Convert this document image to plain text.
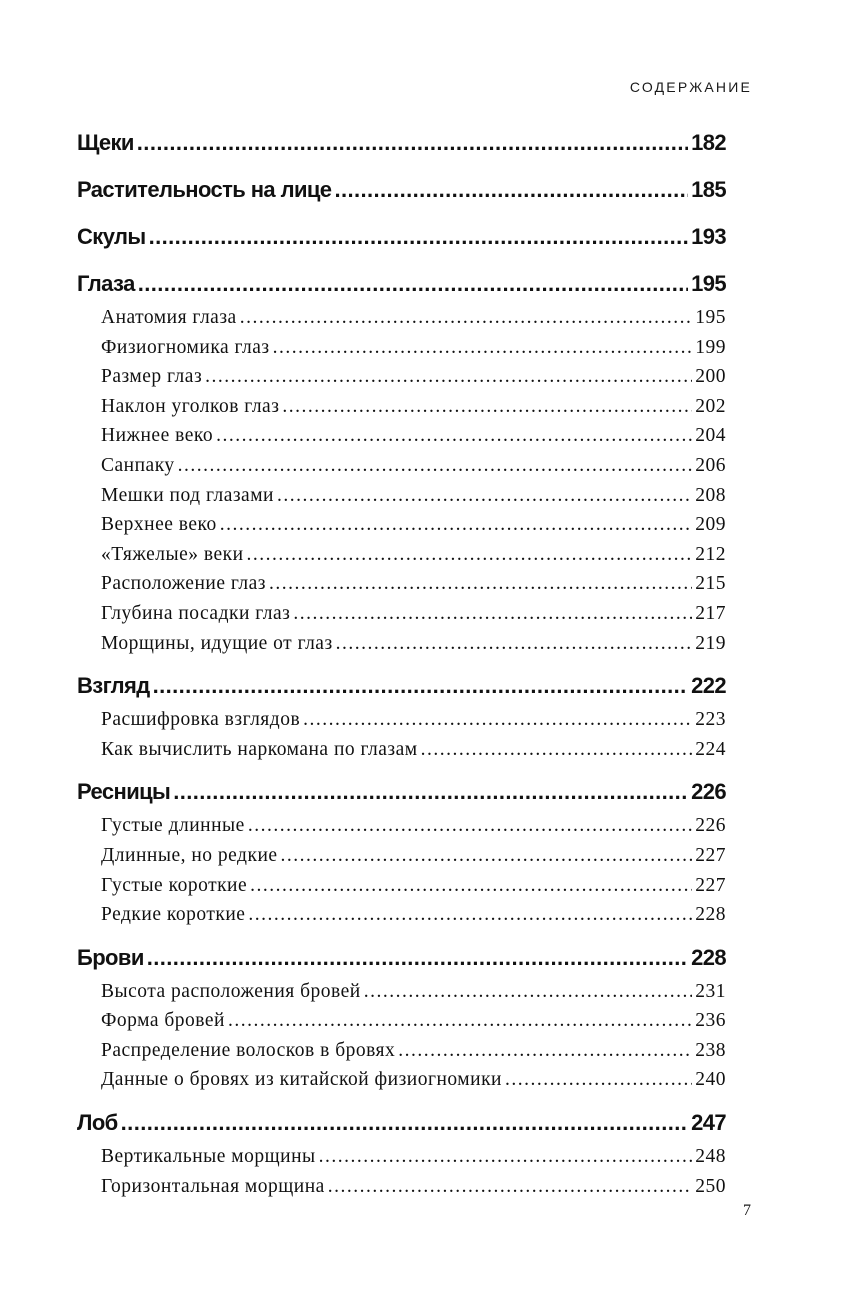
СОДЕРЖАНИЕ
Щеки .....	182
Растительность на лице .....	185
Скулы .....	193
Глаза .....	195
Анатомия глаза .....	195
Физиогномика глаз .....	199
Размер глаз .....	200
Наклон уголков глаз .....	202
Нижнее веко .....	204
Санпаку .....	206
Мешки под глазами .....	208
Верхнее веко .....	209
«Тяжелые» веки .....	212
Расположение глаз .....	215
Глубина посадки глаз .....	217
Морщины, идущие от глаз .....	219
Взгляд .....	222
Расшифровка взглядов .....	223
Как вычислить наркомана по глазам .....	224
Ресницы .....	226
Густые длинные .....	226
Длинные, но редкие .....	227
Густые короткие .....	227
Редкие короткие .....	228
Брови .....	228
Высота расположения бровей .....	231
Форма бровей .....	236
Распределение волосков в бровях .....	238
Данные о бровях из китайской физиогномики .....	240
Лоб .....	247
Вертикальные морщины .....	248
Горизонтальная морщина .....	250
7
